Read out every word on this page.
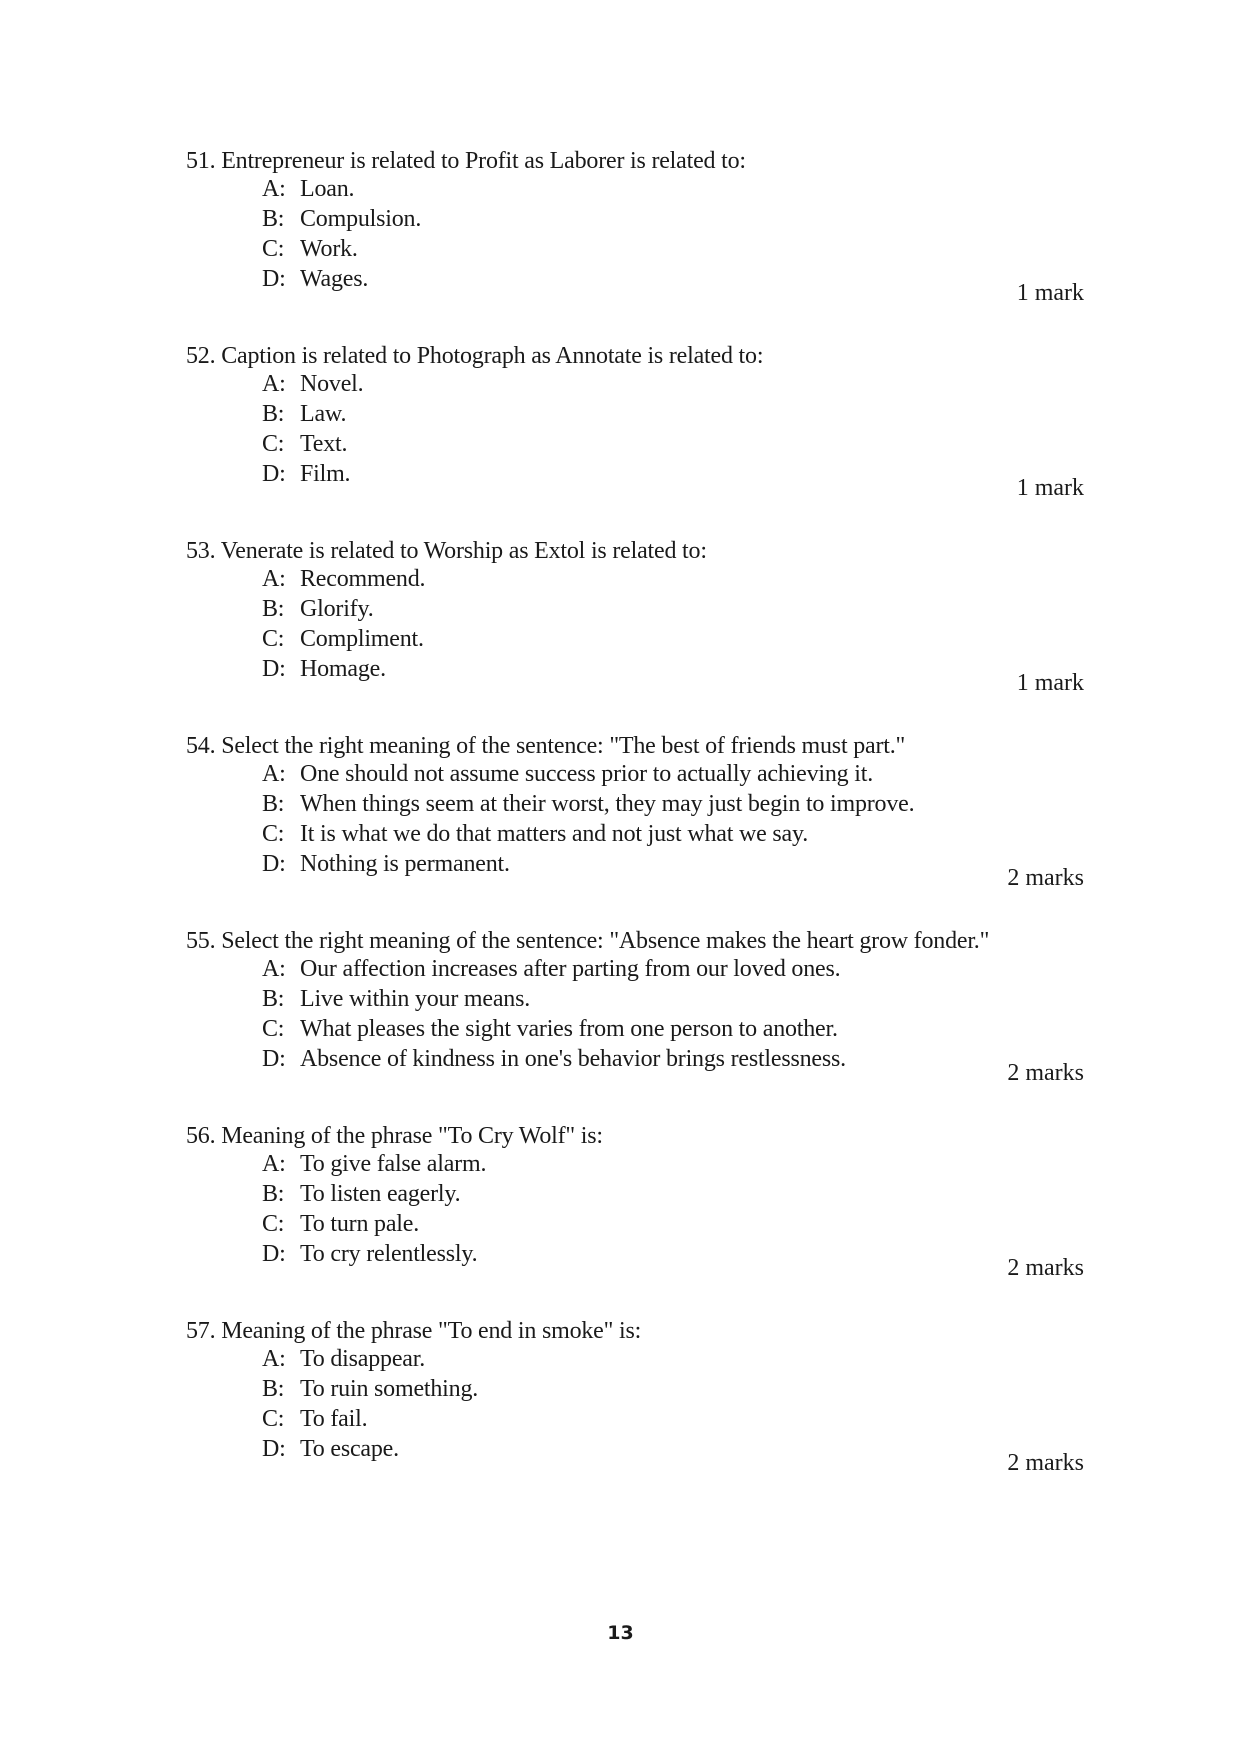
51. Entrepreneur is related to Profit as Laborer is related to:
A: Loan.
B: Compulsion.
C: Work.
D: Wages.
1 mark
52. Caption is related to Photograph as Annotate is related to:
A: Novel.
B: Law.
C: Text.
D: Film.
1 mark
53. Venerate is related to Worship as Extol is related to:
A: Recommend.
B: Glorify.
C: Compliment.
D: Homage.
1 mark
54. Select the right meaning of the sentence: "The best of friends must part."
A: One should not assume success prior to actually achieving it.
B: When things seem at their worst, they may just begin to improve.
C: It is what we do that matters and not just what we say.
D: Nothing is permanent.
2 marks
55. Select the right meaning of the sentence: "Absence makes the heart grow fonder."
A: Our affection increases after parting from our loved ones.
B: Live within your means.
C: What pleases the sight varies from one person to another.
D: Absence of kindness in one's behavior brings restlessness.
2 marks
56. Meaning of the phrase "To Cry Wolf" is:
A: To give false alarm.
B: To listen eagerly.
C: To turn pale.
D: To cry relentlessly.
2 marks
57. Meaning of the phrase "To end in smoke" is:
A: To disappear.
B: To ruin something.
C: To fail.
D: To escape.
2 marks
13
